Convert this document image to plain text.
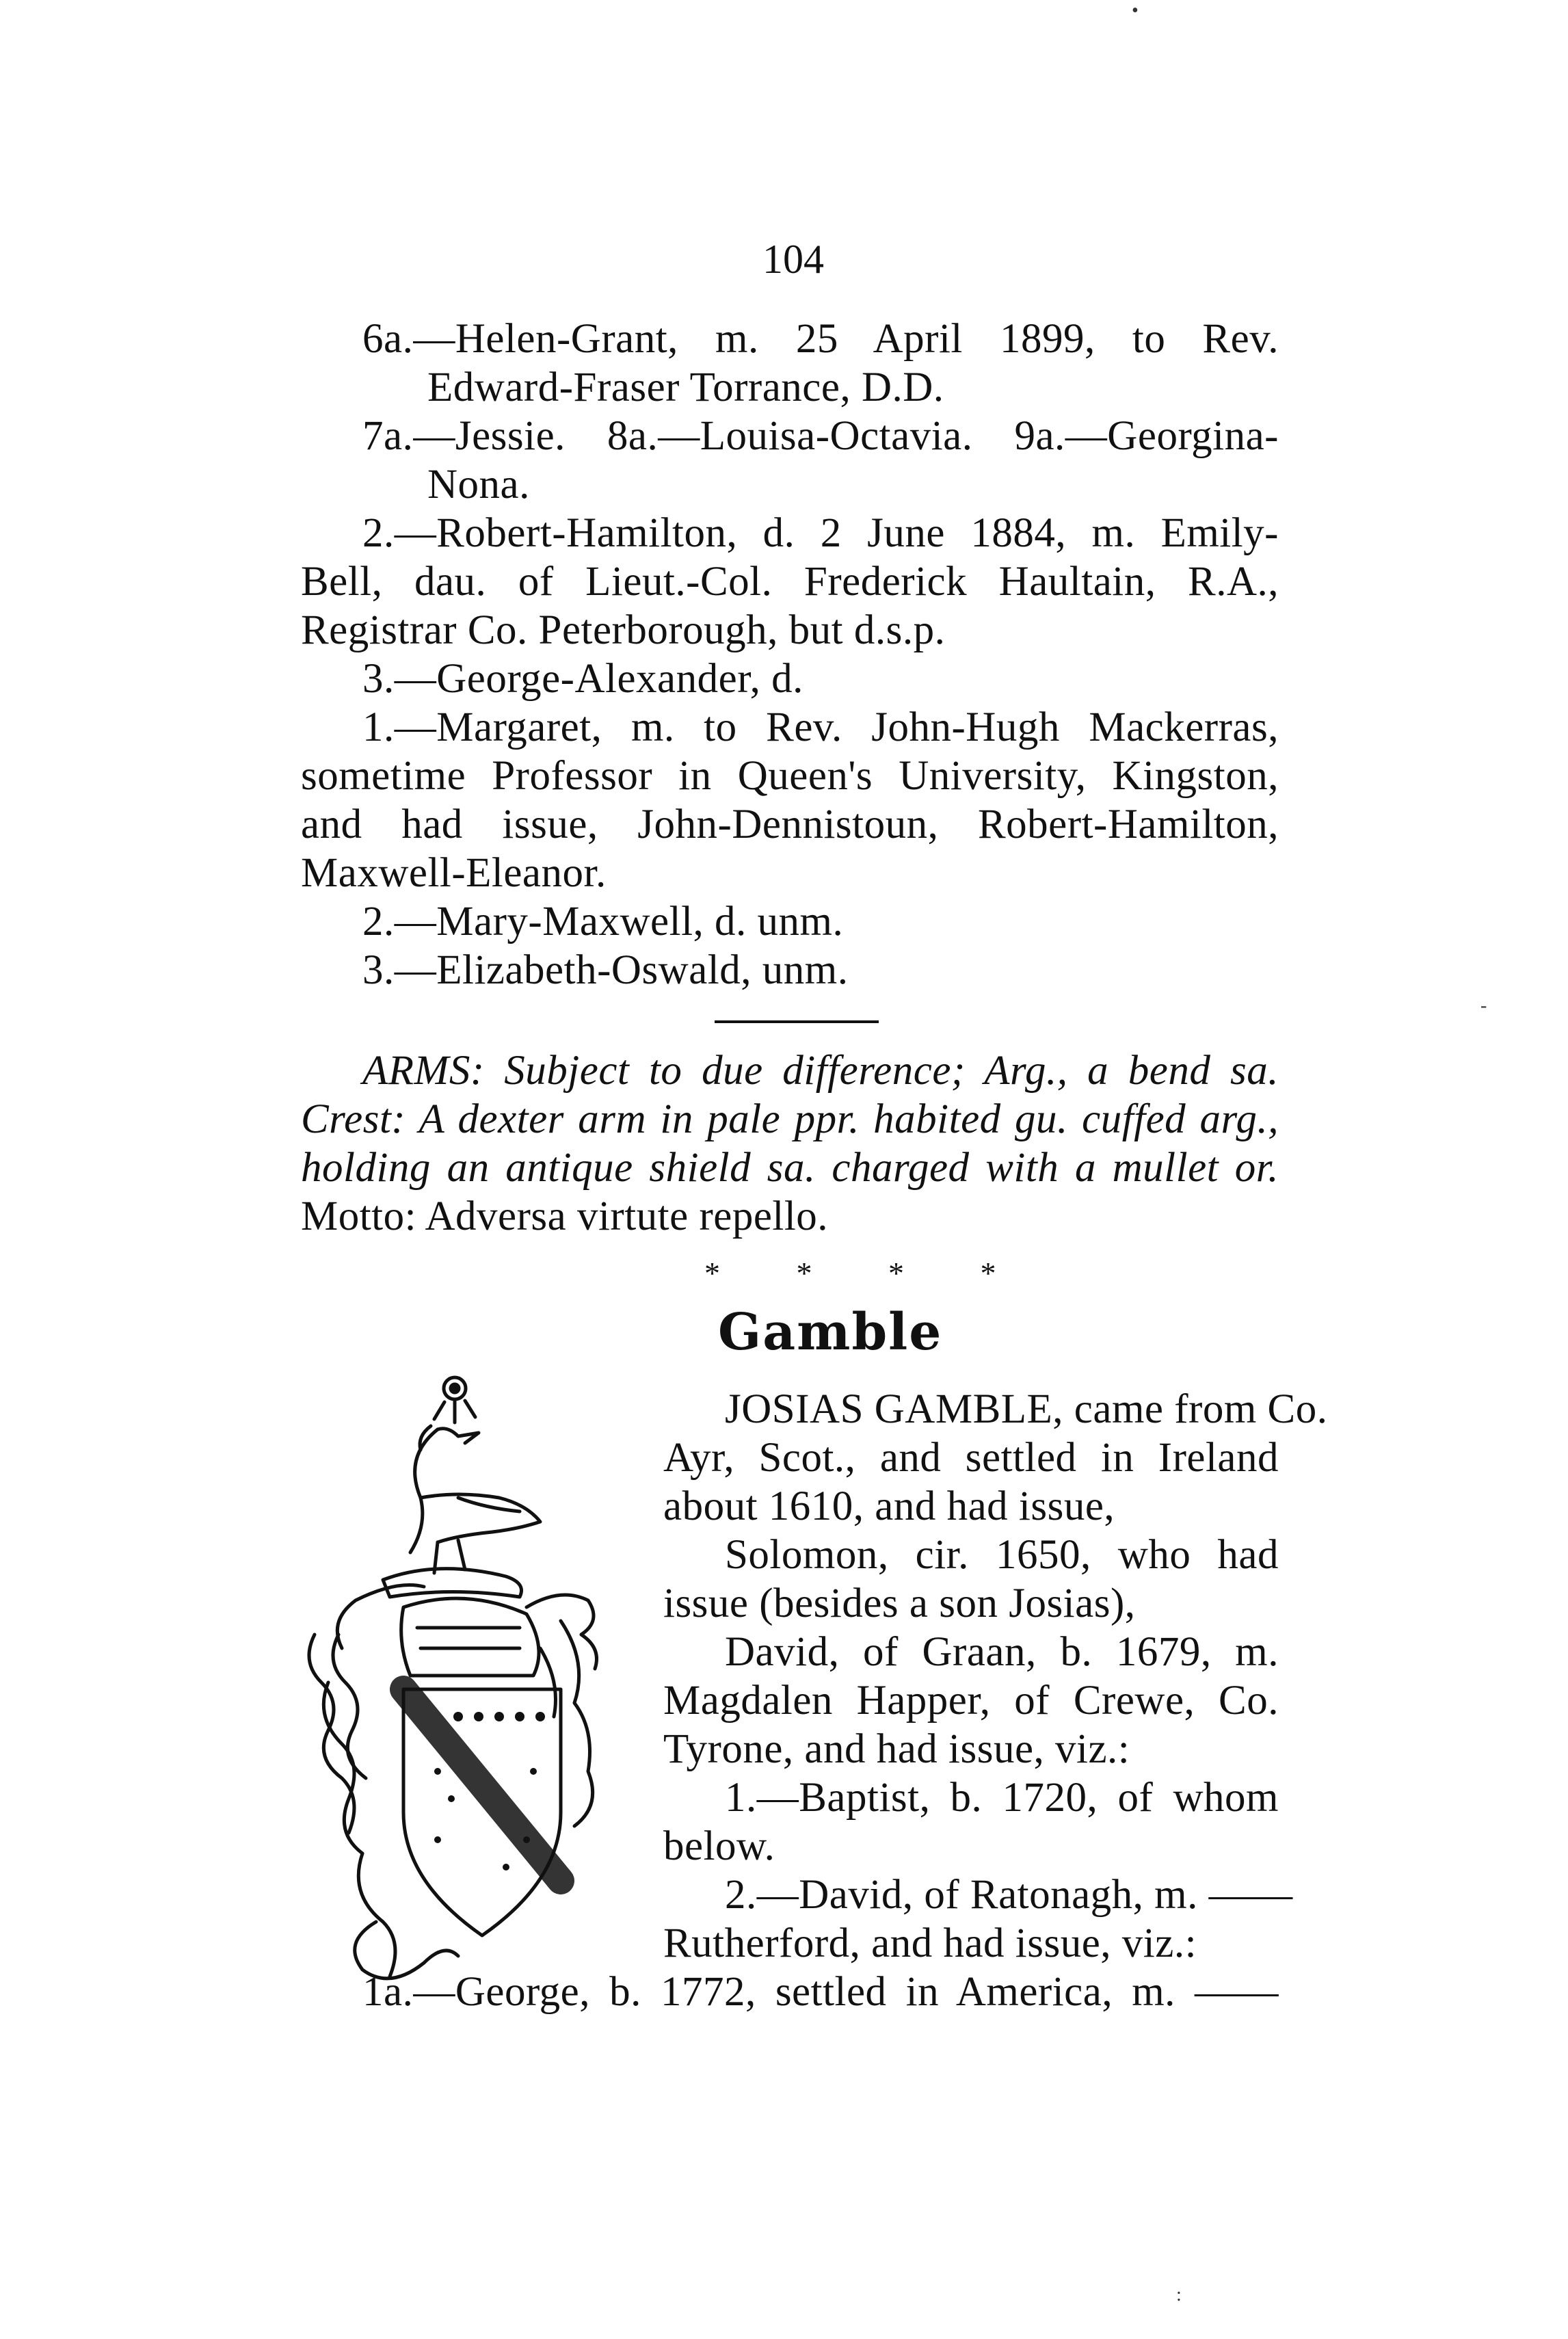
•
104
6a.—Helen-Grant, m. 25 April 1899, to Rev.
Edward-Fraser Torrance, D.D.
7a.—Jessie. 8a.—Louisa-Octavia. 9a.—Georgina-
Nona.
2.—Robert-Hamilton, d. 2 June 1884, m. Emily-
Bell, dau. of Lieut.-Col. Frederick Haultain, R.A.,
Registrar Co. Peterborough, but d.s.p.
3.—George-Alexander, d.
1.—Margaret, m. to Rev. John-Hugh Mackerras,
sometime Professor in Queen's University, Kingston,
and had issue, John-Dennistoun, Robert-Hamilton,
Maxwell-Eleanor.
2.—Mary-Maxwell, d. unm.
3.—Elizabeth-Oswald, unm.
ARMS: Subject to due difference; Arg., a bend sa.
Crest: A dexter arm in pale ppr. habited gu. cuffed arg.,
holding an antique shield sa. charged with a mullet or.
Motto: Adversa virtute repello.
* * * *
Gamble
JOSIAS GAMBLE, came from Co.
Ayr, Scot., and settled in Ireland
about 1610, and had issue,
Solomon, cir. 1650, who had
issue (besides a son Josias),
David, of Graan, b. 1679, m.
Magdalen Happer, of Crewe, Co.
Tyrone, and had issue, viz.:
1.—Baptist, b. 1720, of whom
below.
2.—David, of Ratonagh, m. ——
Rutherford, and had issue, viz.:
1a.—George, b. 1772, settled in America, m. ——
-
:
